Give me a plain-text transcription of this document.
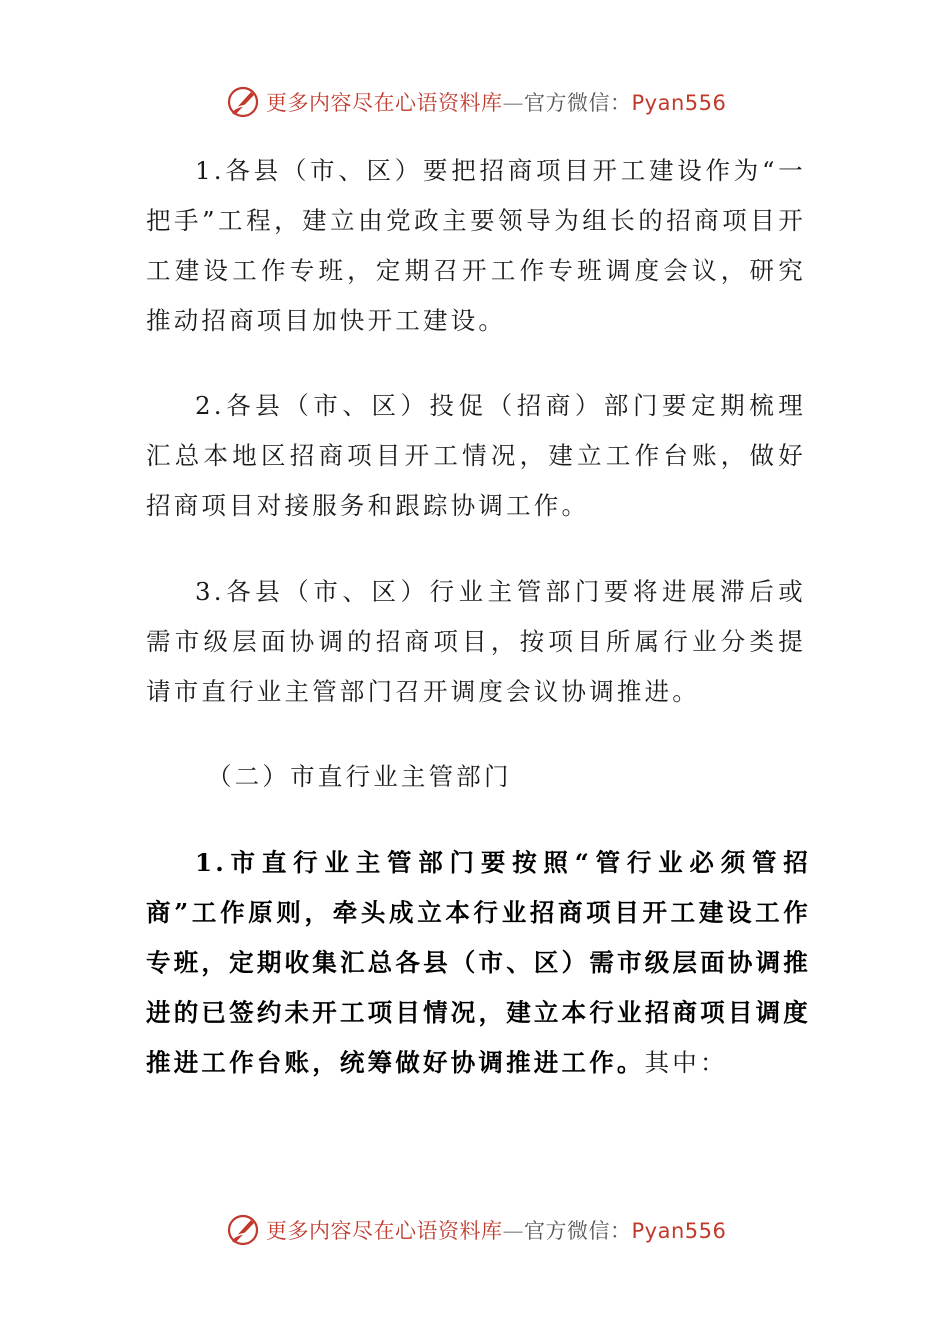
更多内容尽在心语资料库—官方微信：Pyan556

1.各县（市、区）要把招商项目开工建设作为“一把手”工程，建立由党政主要领导为组长的招商项目开工建设工作专班，定期召开工作专班调度会议，研究推动招商项目加快开工建设。

2.各县（市、区）投促（招商）部门要定期梳理汇总本地区招商项目开工情况，建立工作台账，做好招商项目对接服务和跟踪协调工作。

3.各县（市、区）行业主管部门要将进展滞后或需市级层面协调的招商项目，按项目所属行业分类提请市直行业主管部门召开调度会议协调推进。

（二）市直行业主管部门

1.市直行业主管部门要按照“管行业必须管招商”工作原则，牵头成立本行业招商项目开工建设工作专班，定期收集汇总各县（市、区）需市级层面协调推进的已签约未开工项目情况，建立本行业招商项目调度推进工作台账，统筹做好协调推进工作。其中：

更多内容尽在心语资料库—官方微信：Pyan556
